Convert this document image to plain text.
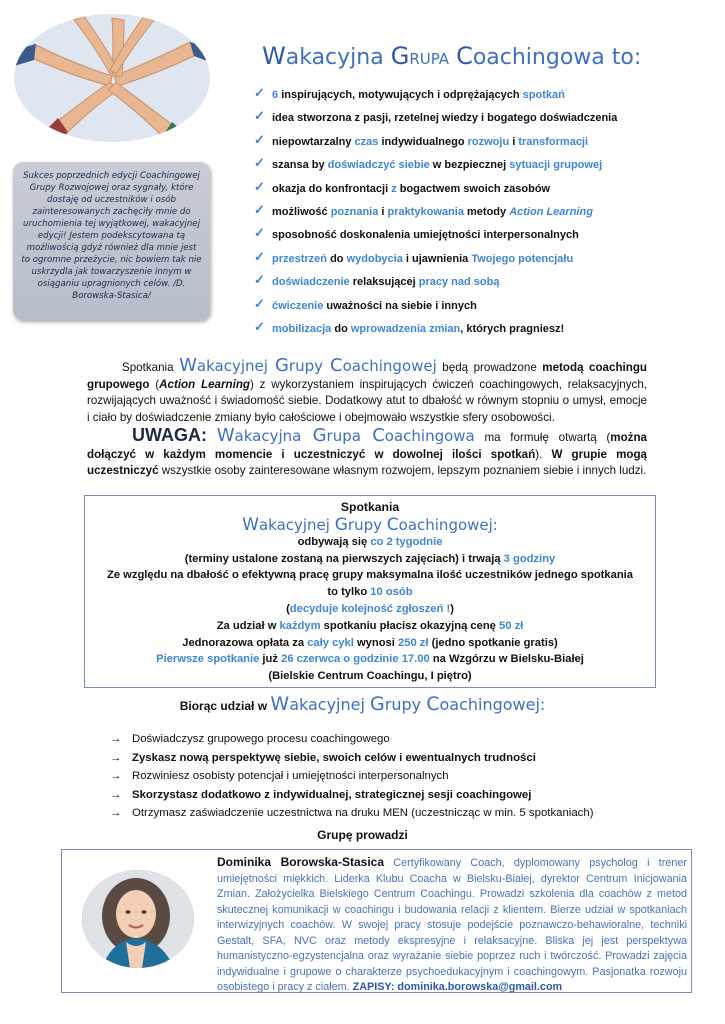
Wakacyjna GRUPA Coachingowa to:
Sukces poprzednich edycji Coachingowej Grupy Rozwojowej oraz sygnały, które dostaję od uczestników i osób zainteresowanych zachęciły mnie do uruchomienia tej wyjątkowej, wakacyjnej edycji! Jestem podekscytowana tą możliwością gdyż również dla mnie jest to ogromne przeżycie, nic bowiem tak nie uskrzydla jak towarzyszenie innym w osiąganiu upragnionych celów. /D. Borowska-Stasica/
✓ 6 inspirujących, motywujących i odprężających spotkań
✓ idea stworzona z pasji, rzetelnej wiedzy i bogatego doświadczenia
✓ niepowtarzalny czas indywidualnego rozwoju i transformacji
✓ szansa by doświadczyć siebie w bezpiecznej sytuacji grupowej
✓ okazja do konfrontacji z bogactwem swoich zasobów
✓ możliwość poznania i praktykowania metody Action Learning
✓ sposobność doskonalenia umiejętności interpersonalnych
✓ przestrzeń do wydobycia i ujawnienia Twojego potencjału
✓ doświadczenie relaksującej pracy nad sobą
✓ ćwiczenie uważności na siebie i innych
✓ mobilizacja do wprowadzenia zmian, których pragniesz!
Spotkania Wakacyjnej Grupy Coachingowej będą prowadzone metodą coachingu grupowego (Action Learning) z wykorzystaniem inspirujących ćwiczeń coachingowych, relaksacyjnych, rozwijających uważność i świadomość siebie. Dodatkowy atut to dbałość w równym stopniu o umysł, emocje i ciało by doświadczenie zmiany było całościowe i obejmowało wszystkie sfery osobowości.
UWAGA: Wakacyjna Grupa Coachingowa ma formułę otwartą (można dołączyć w każdym momencie i uczestniczyć w dowolnej ilości spotkań). W grupie mogą uczestniczyć wszystkie osoby zainteresowane własnym rozwojem, lepszym poznaniem siebie i innych ludzi.
Spotkania
Wakacyjnej Grupy Coachingowej:
odbywają się co 2 tygodnie
(terminy ustalone zostaną na pierwszych zajęciach) i trwają 3 godziny
Ze względu na dbałość o efektywną pracę grupy maksymalna ilość uczestników jednego spotkania
to tylko 10 osób
(decyduje kolejność zgłoszeń !)
Za udział w każdym spotkaniu płacisz okazyjną cenę 50 zł
Jednorazowa opłata za cały cykl wynosi 250 zł (jedno spotkanie gratis)
Pierwsze spotkanie już 26 czerwca o godzinie 17.00 na Wzgórzu w Bielsku-Białej
(Bielskie Centrum Coachingu, I piętro)
Biorąc udział w Wakacyjnej Grupy Coachingowej:
→ Doświadczysz grupowego procesu coachingowego
→ Zyskasz nową perspektywę siebie, swoich celów i ewentualnych trudności
→ Rozwiniesz osobisty potencjał i umiejętności interpersonalnych
→ Skorzystasz dodatkowo z indywidualnej, strategicznej sesji coachingowej
→ Otrzymasz zaświadczenie uczestnictwa na druku MEN (uczestnicząc w min. 5 spotkaniach)
Grupę prowadzi
Dominika Borowska-Stasica Certyfikowany Coach, dyplomowany psycholog i trener umiejętności miękkich. Liderka Klubu Coacha w Bielsku-Białej, dyrektor Centrum Inicjowania Zmian. Założycielka Bielskiego Centrum Coachingu. Prowadzi szkolenia dla coachów z metod skutecznej komunikacji w coachingu i budowania relacji z klientem. Bierze udział w spotkaniach interwizyjnych coachów. W swojej pracy stosuje podejście poznawczo-behawioralne, techniki Gestalt, SFA, NVC oraz metody ekspresyjne i relaksacyjne. Bliska jej jest perspektywa humanistyczno-egzystencjalna oraz wyrażanie siebie poprzez ruch i twórczość. Prowadzi zajęcia indywidualne i grupowe o charakterze psychoedukacyjnym i coachingowym. Pasjonatka rozwoju osobistego i pracy z ciałem. ZAPISY: dominika.borowska@gmail.com
